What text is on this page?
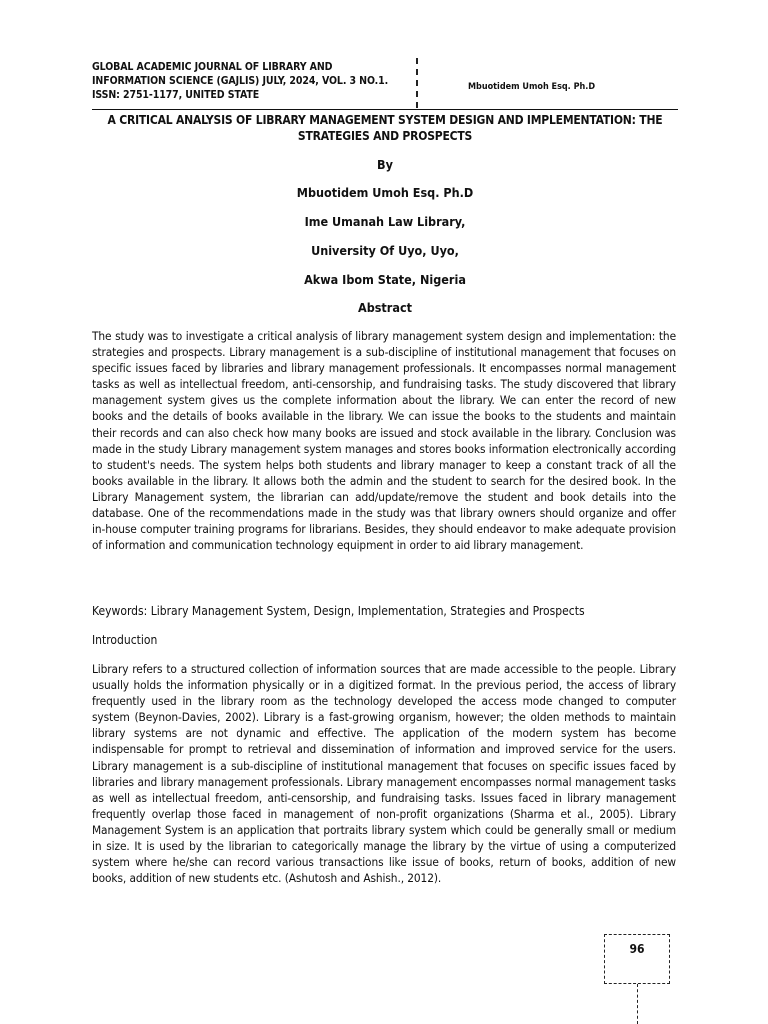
GLOBAL ACADEMIC JOURNAL OF LIBRARY AND
INFORMATION SCIENCE (GAJLIS) JULY, 2024, VOL. 3 NO.1.
ISSN: 2751-1177, UNITED STATE
Mbuotidem Umoh Esq. Ph.D
A CRITICAL ANALYSIS OF LIBRARY MANAGEMENT SYSTEM DESIGN AND IMPLEMENTATION: THE
STRATEGIES AND PROSPECTS
By
Mbuotidem Umoh Esq. Ph.D
Ime Umanah Law Library,
University Of Uyo, Uyo,
Akwa Ibom State, Nigeria
Abstract

The study was to investigate a critical analysis of library management system design and implementation: the strategies and prospects. Library management is a sub-discipline of institutional management that focuses on specific issues faced by libraries and library management professionals. It encompasses normal management tasks as well as intellectual freedom, anti-censorship, and fundraising tasks. The study discovered that library management system gives us the complete information about the library. We can enter the record of new books and the details of books available in the library. We can issue the books to the students and maintain their records and can also check how many books are issued and stock available in the library. Conclusion was made in the study Library management system manages and stores books information electronically according to student's needs. The system helps both students and library manager to keep a constant track of all the books available in the library. It allows both the admin and the student to search for the desired book. In the Library Management system, the librarian can add/update/remove the student and book details into the database. One of the recommendations made in the study was that library owners should organize and offer in-house computer training programs for librarians. Besides, they should endeavor to make adequate provision of information and communication technology equipment in order to aid library management.

Keywords: Library Management System, Design, Implementation, Strategies and Prospects

Introduction

Library refers to a structured collection of information sources that are made accessible to the people. Library usually holds the information physically or in a digitized format. In the previous period, the access of library frequently used in the library room as the technology developed the access mode changed to computer system (Beynon-Davies, 2002). Library is a fast-growing organism, however; the olden methods to maintain library systems are not dynamic and effective. The application of the modern system has become indispensable for prompt to retrieval and dissemination of information and improved service for the users. Library management is a sub-discipline of institutional management that focuses on specific issues faced by libraries and library management professionals. Library management encompasses normal management tasks as well as intellectual freedom, anti-censorship, and fundraising tasks. Issues faced in library management frequently overlap those faced in management of non-profit organizations (Sharma et al., 2005). Library Management System is an application that portraits library system which could be generally small or medium in size. It is used by the librarian to categorically manage the library by the virtue of using a computerized system where he/she can record various transactions like issue of books, return of books, addition of new books, addition of new students etc. (Ashutosh and Ashish., 2012).

96
